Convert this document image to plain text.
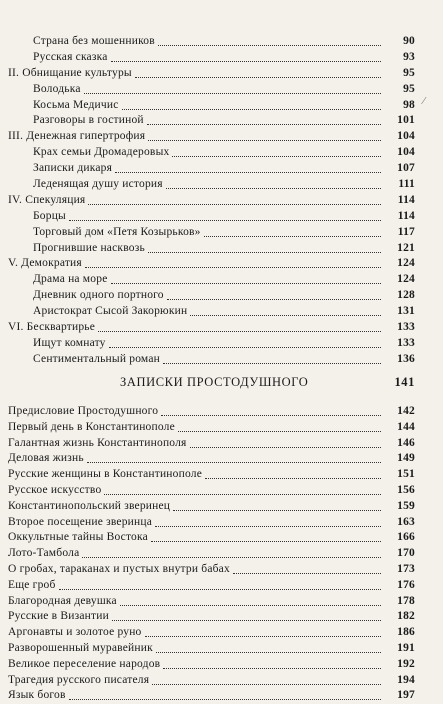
Страна без мошенников	90
Русская сказка	93
II. Обнищание культуры	95
Володька	95
Косьма Медичис	98
Разговоры в гостиной	101
III. Денежная гипертрофия	104
Крах семьи Дромадеровых	104
Записки дикаря	107
Леденящая душу история	111
IV. Спекуляция	114
Борцы	114
Торговый дом «Петя Козырьков»	117
Прогнившие насквозь	121
V. Демократия	124
Драма на море	124
Дневник одного портного	128
Аристократ Сысой Закорюкин	131
VI. Бесквартирье	133
Ищут комнату	133
Сентиментальный роман	136
ЗАПИСКИ ПРОСТОДУШНОГО	141
Предисловие Простодушного	142
Первый день в Константинополе	144
Галантная жизнь Константинополя	146
Деловая жизнь	149
Русские женщины в Константинополе	151
Русское искусство	156
Константинопольский зверинец	159
Второе посещение зверинца	163
Оккультные тайны Востока	166
Лото-Тамбола	170
О гробах, тараканах и пустых внутри бабах	173
Еще гроб	176
Благородная девушка	178
Русские в Византии	182
Аргонавты и золотое руно	186
Разворошенный муравейник	191
Великое переселение народов	192
Трагедия русского писателя	194
Язык богов	197
⁄
